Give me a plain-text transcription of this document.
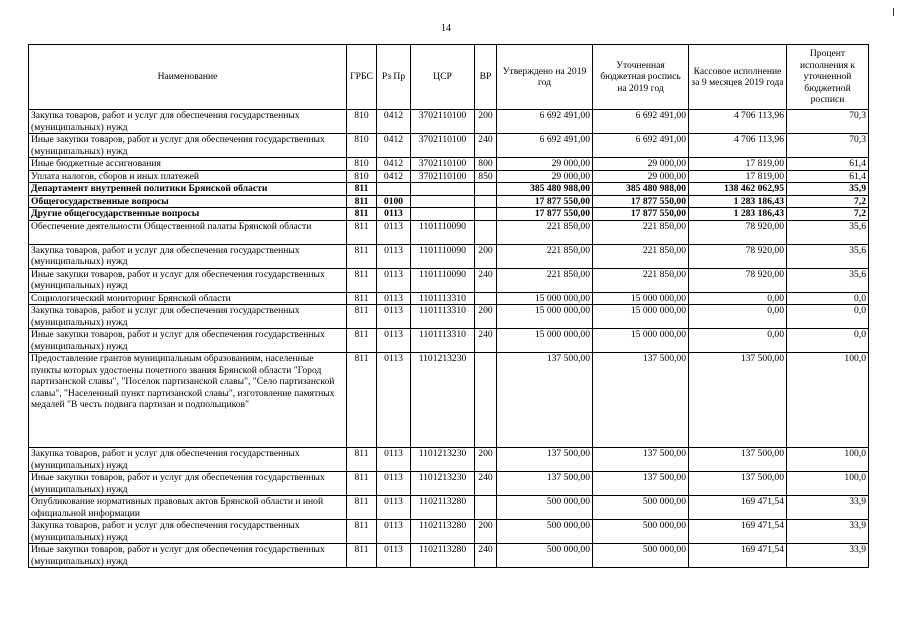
14
Наименование	ГРБС	Рз Пр	ЦСР	ВР	Утверждено на 2019 год	Уточненная бюджетная роспись на 2019 год	Кассовое исполнение за 9 месяцев 2019 года	Процент исполнения к уточненной бюджетной росписи
Закупка товаров, работ и услуг для обеспечения государственных (муниципальных) нужд	810	0412	3702110100	200	6 692 491,00	6 692 491,00	4 706 113,96	70,3
Иные закупки товаров, работ и услуг для обеспечения государственных (муниципальных) нужд	810	0412	3702110100	240	6 692 491,00	6 692 491,00	4 706 113,96	70,3
Иные бюджетные ассигнования	810	0412	3702110100	800	29 000,00	29 000,00	17 819,00	61,4
Уплата налогов, сборов и иных платежей	810	0412	3702110100	850	29 000,00	29 000,00	17 819,00	61,4
Департамент внутренней политики Брянской области	811				385 480 988,00	385 480 988,00	138 462 062,95	35,9
Общегосударственные вопросы	811	0100			17 877 550,00	17 877 550,00	1 283 186,43	7,2
Другие общегосударственные вопросы	811	0113			17 877 550,00	17 877 550,00	1 283 186,43	7,2
Обеспечение деятельности Общественной палаты Брянской области	811	0113	1101110090		221 850,00	221 850,00	78 920,00	35,6
Закупка товаров, работ и услуг для обеспечения государственных (муниципальных) нужд	811	0113	1101110090	200	221 850,00	221 850,00	78 920,00	35,6
Иные закупки товаров, работ и услуг для обеспечения государственных (муниципальных) нужд	811	0113	1101110090	240	221 850,00	221 850,00	78 920,00	35,6
Социологический мониторинг Брянской области	811	0113	1101113310		15 000 000,00	15 000 000,00	0,00	0,0
Закупка товаров, работ и услуг для обеспечения государственных (муниципальных) нужд	811	0113	1101113310	200	15 000 000,00	15 000 000,00	0,00	0,0
Иные закупки товаров, работ и услуг для обеспечения государственных (муниципальных) нужд	811	0113	1101113310	240	15 000 000,00	15 000 000,00	0,00	0,0
Предоставление грантов муниципальным образованиям, населенные пункты которых удостоены почетного звания Брянской области "Город партизанской славы", "Поселок партизанской славы", "Село партизанской славы", "Населенный пункт партизанской славы", изготовление памятных медалей "В честь подвига партизан и подпольщиков"	811	0113	1101213230		137 500,00	137 500,00	137 500,00	100,0
Закупка товаров, работ и услуг для обеспечения государственных (муниципальных) нужд	811	0113	1101213230	200	137 500,00	137 500,00	137 500,00	100,0
Иные закупки товаров, работ и услуг для обеспечения государственных (муниципальных) нужд	811	0113	1101213230	240	137 500,00	137 500,00	137 500,00	100,0
Опубликование нормативных правовых актов Брянской области и иной официальной информации	811	0113	1102113280		500 000,00	500 000,00	169 471,54	33,9
Закупка товаров, работ и услуг для обеспечения государственных (муниципальных) нужд	811	0113	1102113280	200	500 000,00	500 000,00	169 471,54	33,9
Иные закупки товаров, работ и услуг для обеспечения государственных (муниципальных) нужд	811	0113	1102113280	240	500 000,00	500 000,00	169 471,54	33,9
